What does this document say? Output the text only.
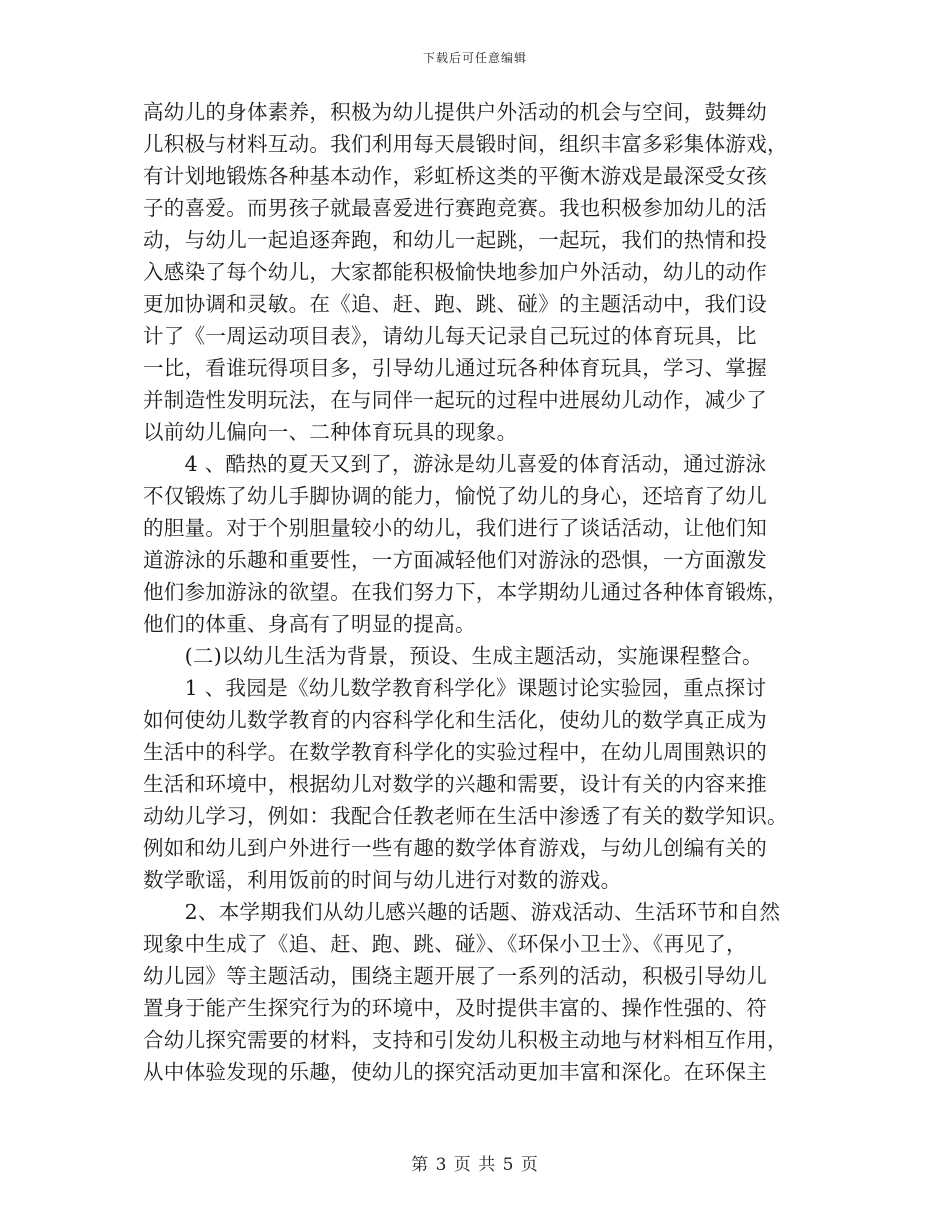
下载后可任意编辑
高幼儿的身体素养，积极为幼儿提供户外活动的机会与空间，鼓舞幼
儿积极与材料互动。我们利用每天晨锻时间，组织丰富多彩集体游戏，
有计划地锻炼各种基本动作，彩虹桥这类的平衡木游戏是最深受女孩
子的喜爱。而男孩子就最喜爱进行赛跑竞赛。我也积极参加幼儿的活
动，与幼儿一起追逐奔跑，和幼儿一起跳，一起玩，我们的热情和投
入感染了每个幼儿，大家都能积极愉快地参加户外活动，幼儿的动作
更加协调和灵敏。在《追、赶、跑、跳、碰》的主题活动中，我们设
计了《一周运动项目表》，请幼儿每天记录自己玩过的体育玩具，比
一比，看谁玩得项目多，引导幼儿通过玩各种体育玩具，学习、掌握
并制造性发明玩法，在与同伴一起玩的过程中进展幼儿动作，减少了
以前幼儿偏向一、二种体育玩具的现象。
　　4 、酷热的夏天又到了，游泳是幼儿喜爱的体育活动，通过游泳
不仅锻炼了幼儿手脚协调的能力，愉悦了幼儿的身心，还培育了幼儿
的胆量。对于个别胆量较小的幼儿，我们进行了谈话活动，让他们知
道游泳的乐趣和重要性，一方面减轻他们对游泳的恐惧，一方面激发
他们参加游泳的欲望。在我们努力下，本学期幼儿通过各种体育锻炼，
他们的体重、身高有了明显的提高。
　　(二)以幼儿生活为背景，预设、生成主题活动，实施课程整合。
　　1 、我园是《幼儿数学教育科学化》课题讨论实验园，重点探讨
如何使幼儿数学教育的内容科学化和生活化，使幼儿的数学真正成为
生活中的科学。在数学教育科学化的实验过程中，在幼儿周围熟识的
生活和环境中，根据幼儿对数学的兴趣和需要，设计有关的内容来推
动幼儿学习，例如：我配合任教老师在生活中渗透了有关的数学知识。
例如和幼儿到户外进行一些有趣的数学体育游戏，与幼儿创编有关的
数学歌谣，利用饭前的时间与幼儿进行对数的游戏。
　　2、本学期我们从幼儿感兴趣的话题、游戏活动、生活环节和自然
现象中生成了《追、赶、跑、跳、碰》、《环保小卫士》、《再见了，
幼儿园》等主题活动，围绕主题开展了一系列的活动，积极引导幼儿
置身于能产生探究行为的环境中，及时提供丰富的、操作性强的、符
合幼儿探究需要的材料，支持和引发幼儿积极主动地与材料相互作用，
从中体验发现的乐趣，使幼儿的探究活动更加丰富和深化。在环保主
第 3 页 共 5 页
